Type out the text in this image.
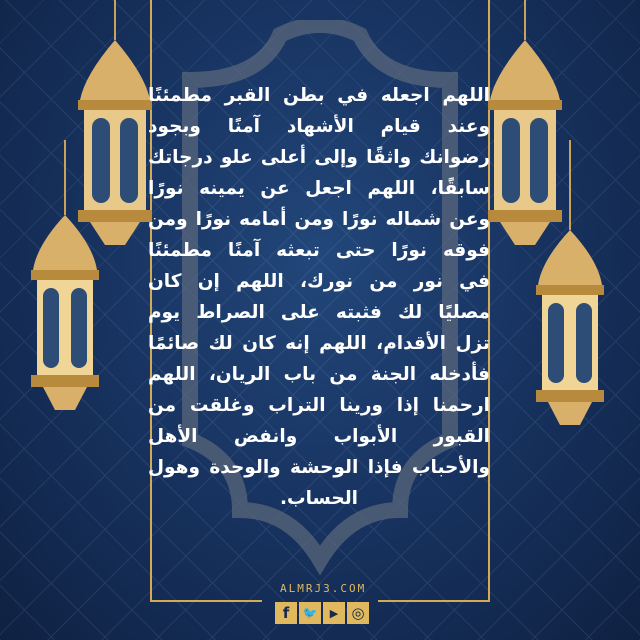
اللهم اجعله في بطن القبر مطمئنًا
وعند قيام الأشهاد آمنًا وبجود
رضوانك واثقًا وإلى أعلى علو درجاتك
سابقًا، اللهم اجعل عن يمينه نورًا
وعن شماله نورًا ومن أمامه نورًا ومن
فوقه نورًا حتى تبعثه آمنًا مطمئنًا
في نور من نورك، اللهم إن كان
مصليًا لك فثبته على الصراط يوم
تزل الأقدام، اللهم إنه كان لك صائمًا
فأدخله الجنة من باب الريان، اللهم
ارحمنا إذا ورينا التراب وغلقت من
القبور الأبواب وانفض الأهل
والأحباب فإذا الوحشة والوحدة وهول
الحساب.
ALMRJ3.COM
f	🐦	▶ ◎
